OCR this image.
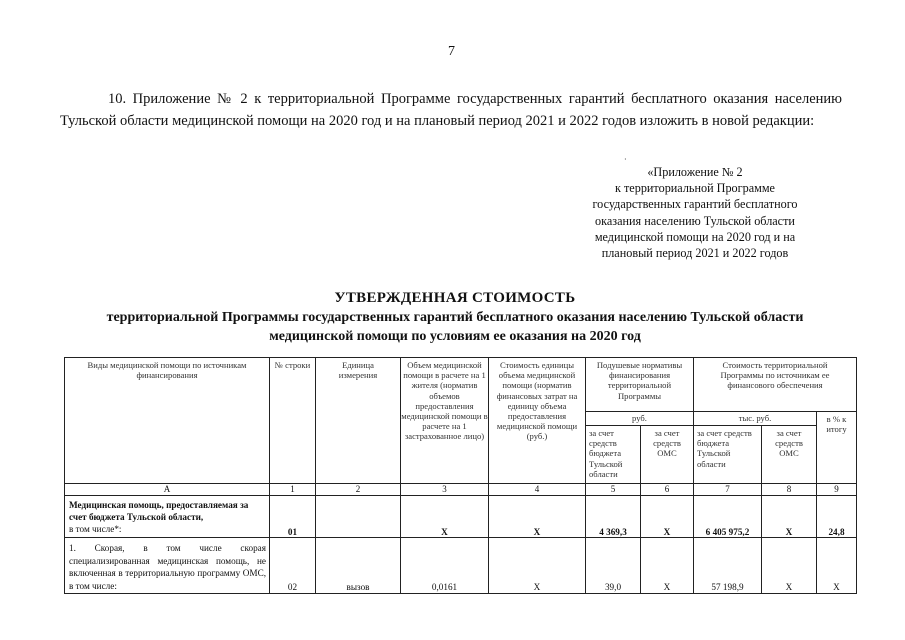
7

10. Приложение № 2 к территориальной Программе государственных гарантий бесплатного оказания населению Тульской области медицинской помощи на 2020 год и на плановый период 2021 и 2022 годов изложить в новой редакции:

·
«Приложение № 2
к территориальной Программе
государственных гарантий бесплатного
оказания населению Тульской области
медицинской помощи на 2020 год и на
плановый период 2021 и 2022 годов
УТВЕРЖДЕННАЯ СТОИМОСТЬ
территориальной Программы государственных гарантий бесплатного оказания населению Тульской области
медицинской помощи по условиям ее оказания на 2020 год
Виды медицинской помощи по источникам финансирования	№ строки	Единица измерения	Объем медицинской помощи в расчете на 1 жителя (норматив объемов предоставления медицинской помощи в расчете на 1 застрахованное лицо)	Стоимость единицы объема медицинской помощи (норматив финансовых затрат на единицу объема предоставления медицинской помощи (руб.)	Подушевые нормативы финансирования территориальной Программы		Стоимость территориальной Программы по источникам ее финансового обеспечения		
					руб.		тыс. руб.		в % к итогу
					за счет средств бюджета Тульской области	за счет средств ОМС	за счет средств бюджета Тульской области	за счет средств ОМС	
А	1	2	3	4	5	6	7	8	9

Медицинская помощь, предоставляемая за счет бюджета Тульской области,
в том числе*:	01		Х	Х	4 369,3	Х	6 405 975,2	Х	24,8
1. Скорая, в том числе скорая специализированная медицинская помощь, не включенная в территориальную программу ОМС, в том числе:	02	вызов	0,0161	Х	39,0	Х	57 198,9	Х	Х
